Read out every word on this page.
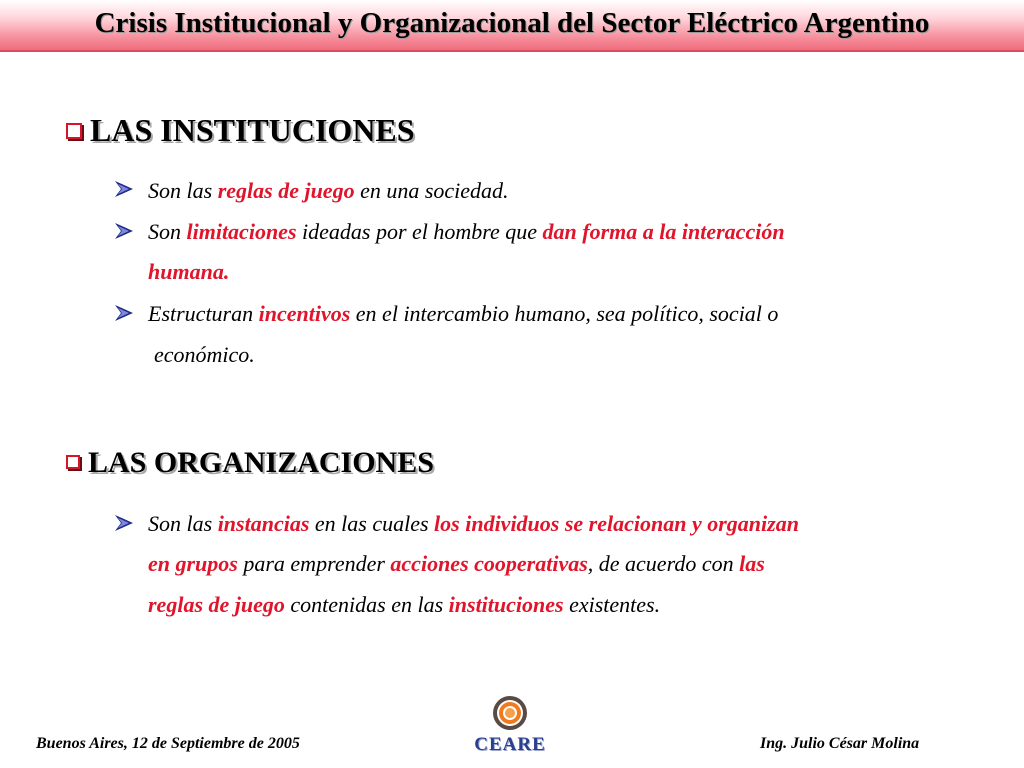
Crisis Institucional y Organizacional del Sector Eléctrico Argentino
LAS INSTITUCIONES
Son las reglas de juego en una sociedad.
Son limitaciones ideadas por el hombre que dan forma a la interacción
humana.
Estructuran incentivos en el intercambio humano, sea político, social o
económico.
LAS ORGANIZACIONES
Son las instancias en las cuales los individuos se relacionan y organizan
en grupos para emprender acciones cooperativas, de acuerdo con las
reglas de juego contenidas en las instituciones existentes.
Buenos Aires, 12 de Septiembre de 2005	CEARE	Ing. Julio César Molina
